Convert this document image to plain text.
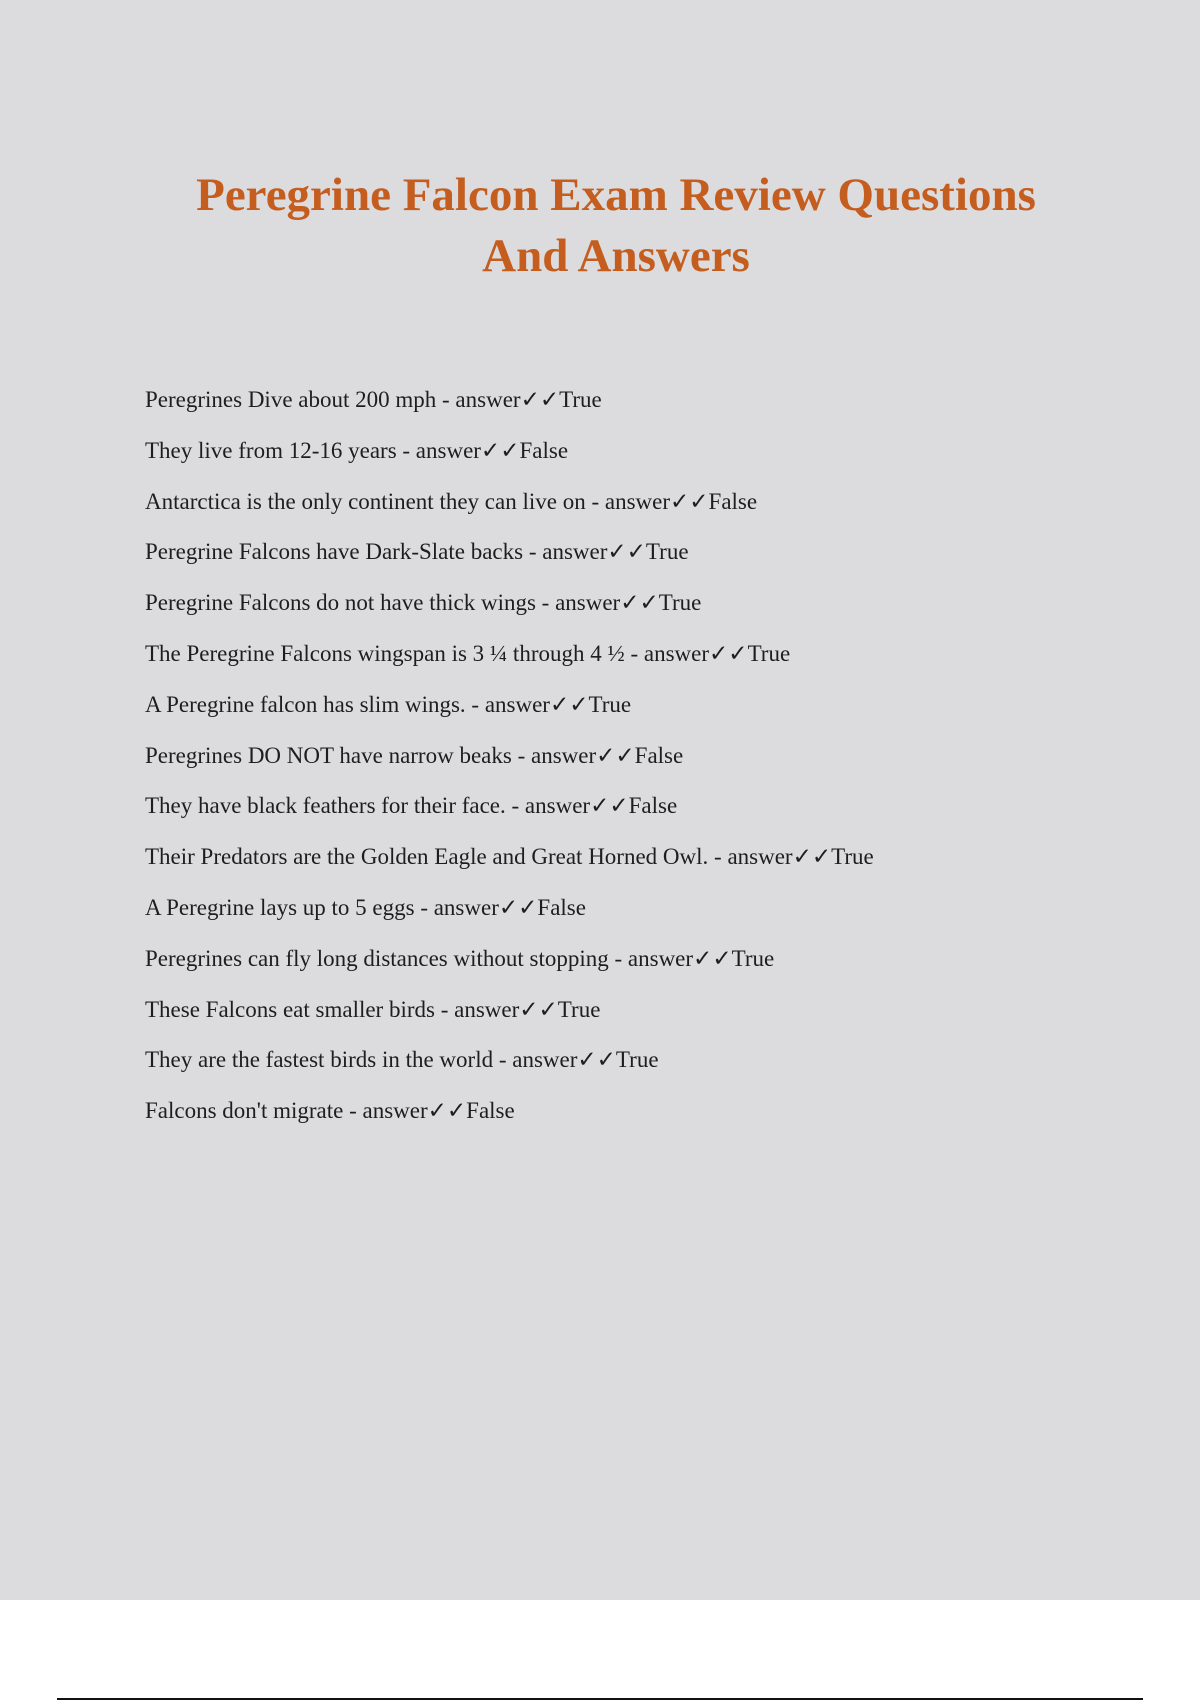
Peregrine Falcon Exam Review Questions
And Answers
Peregrines Dive about 200 mph - answer✓✓True
They live from 12-16 years - answer✓✓False
Antarctica is the only continent they can live on - answer✓✓False
Peregrine Falcons have Dark-Slate backs - answer✓✓True
Peregrine Falcons do not have thick wings - answer✓✓True
The Peregrine Falcons wingspan is 3 ¼ through 4 ½ - answer✓✓True
A Peregrine falcon has slim wings. - answer✓✓True
Peregrines DO NOT have narrow beaks - answer✓✓False
They have black feathers for their face. - answer✓✓False
Their Predators are the Golden Eagle and Great Horned Owl. - answer✓✓True
A Peregrine lays up to 5 eggs - answer✓✓False
Peregrines can fly long distances without stopping - answer✓✓True
These Falcons eat smaller birds - answer✓✓True
They are the fastest birds in the world - answer✓✓True
Falcons don't migrate - answer✓✓False
